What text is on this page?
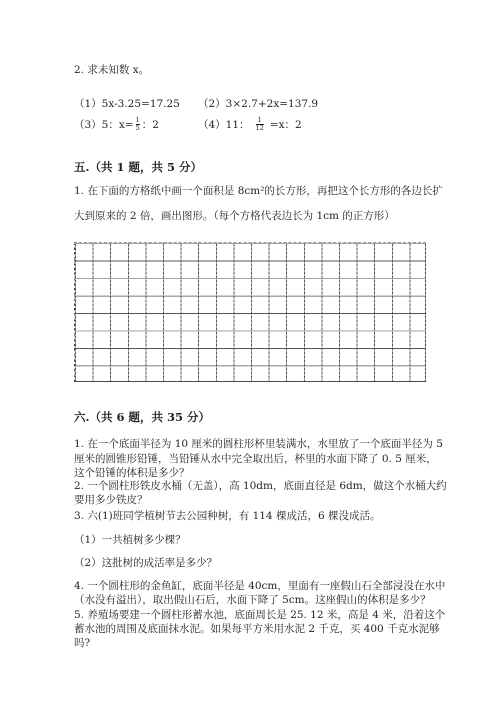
2. 求未知数 x。
（1）5x-3.25=17.25 （2）3×2.7+2x=137.9
（3）5：$x= \frac{1}{5}$ ：2	（4）11： $\frac{1}{12} =x$：2
五.（共 1 题，共 5 分）
1. 在下面的方格纸中画一个面积是 8cm²的长方形，再把这个长方形的各边长扩
大到原来的 2 倍，画出图形。（每个方格代表边长为 1cm 的正方形）
六.（共 6 题，共 35 分）
1. 在一个底面半径为 10 厘米的圆柱形杯里装满水，水里放了一个底面半径为 5
厘米的圆锥形铅锤，当铅锤从水中完全取出后，杯里的水面下降了 0. 5 厘米，
这个铅锤的体积是多少？
2. 一个圆柱形铁皮水桶（无盖），高 10dm，底面直径是 6dm，做这个水桶大约
要用多少铁皮？
3. 六(1)班同学植树节去公园种树，有 114 棵成活，6 棵没成活。
（1）一共植树多少棵？
（2）这批树的成活率是多少？
4. 一个圆柱形的金鱼缸，底面半径是 40cm，里面有一座假山石全部浸没在水中
（水没有溢出），取出假山石后，水面下降了 5cm。这座假山的体积是多少？
5. 养殖场要建一个圆柱形蓄水池，底面周长是 25. 12 米，高是 4 米，沿着这个
蓄水池的周围及底面抹水泥。如果每平方米用水泥 2 千克，买 400 千克水泥够
吗?
